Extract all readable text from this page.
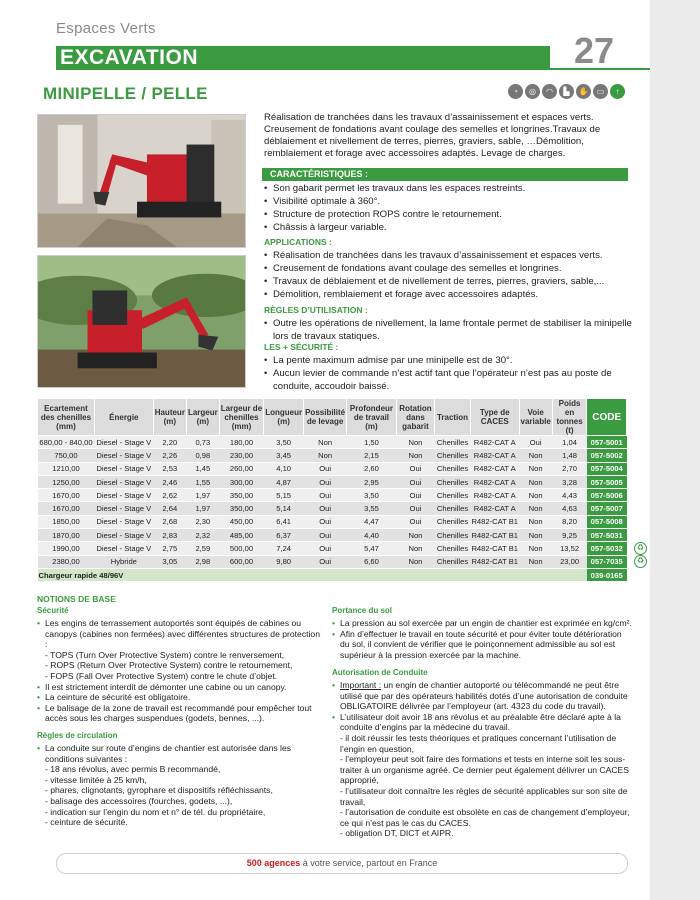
Espaces Verts
EXCAVATION	27
MINIPELLE / PELLE	◔	◎	◠	▙	✋	▭	↑
Réalisation de tranchées dans les travaux d’assainissement et espaces verts. Creusement de fondations avant coulage des semelles et longrines.Travaux de déblaiement et nivellement de terres, pierres, graviers, sable, …Démolition, remblaiement et forage avec accessoires adaptés. Levage de charges.
CARACTÉRISTIQUES :
• Son gabarit permet les travaux dans les espaces restreints.
• Visibilité optimale à 360°.
• Structure de protection ROPS contre le retournement.
• Châssis à largeur variable.
APPLICATIONS :
• Réalisation de tranchées dans les travaux d’assainissement et espaces verts.
• Creusement de fondations avant coulage des semelles et longrines.
• Travaux de déblaiement et de nivellement de terres, pierres, graviers, sable,...
• Démolition, remblaiement et forage avec accessoires adaptés.
RÈGLES D’UTILISATION :
• Outre les opérations de nivellement, la lame frontale permet de stabiliser la minipelle lors de travaux statiques.
LES + SÉCURITÉ :
• La pente maximum admise par une minipelle est de 30°.
• Aucun levier de commande n’est actif tant que l’opérateur n’est pas au poste de conduite, accoudoir baissé.
Ecartement des chenilles (mm)	Énergie	Hauteur (m)	Largeur (m)	Largeur de chenilles (mm)	Longueur (m)	Possibilité de levage	Profondeur de travail (m)	Rotation dans gabarit	Traction	Type de CACES	Voie variable	Poids en tonnes (t)	CODE
680,00 - 840,00	Diesel - Stage V	2,20	0,73	180,00	3,50	Non	1,50	Non	Chenilles	R482-CAT A	Oui	1,04	057-5001
750,00	Diesel - Stage V	2,26	0,98	230,00	3,45	Non	2,15	Non	Chenilles	R482-CAT A	Non	1,48	057-5002
1210,00	Diesel - Stage V	2,53	1,45	260,00	4,10	Oui	2,60	Oui	Chenilles	R482-CAT A	Non	2,70	057-5004
1250,00	Diesel - Stage V	2,46	1,55	300,00	4,87	Oui	2,95	Oui	Chenilles	R482-CAT A	Non	3,28	057-5005
1670,00	Diesel - Stage V	2,62	1,97	350,00	5,15	Oui	3,50	Oui	Chenilles	R482-CAT A	Non	4,43	057-5006
1670,00	Diesel - Stage V	2,64	1,97	350,00	5,14	Oui	3,55	Oui	Chenilles	R482-CAT A	Non	4,63	057-5007
1850,00	Diesel - Stage V	2,68	2,30	450,00	6,41	Oui	4,47	Oui	Chenilles	R482-CAT B1	Non	8,20	057-5008
1870,00	Diesel - Stage V	2,83	2,32	485,00	6,37	Oui	4,40	Non	Chenilles	R482-CAT B1	Non	9,25	057-5031
1990,00	Diesel - Stage V	2,75	2,59	500,00	7,24	Oui	5,47	Non	Chenilles	R482-CAT B1	Non	13,52	057-5032
2380,00	Hybride	3,05	2,98	600,00	9,80	Oui	6,60	Non	Chenilles	R482-CAT B1	Non	23,00	057-7035
Chargeur rapide 48/96V													039-0165
♻
♻
NOTIONS DE BASE
Sécurité
• Les engins de terrassement autoportés sont équipés de cabines ou canopys (cabines non fermées) avec différentes structures de protection :
- TOPS (Turn Over Protective System) contre le renversement,
- ROPS (Return Over Protective System) contre le retournement,
- FOPS (Fall Over Protective System) contre le chute d’objet.
• Il est strictement interdit de démonter une cabine ou un canopy.
• La ceinture de sécurité est obligatoire.
• Le balisage de la zone de travail est recommandé pour empêcher tout accès sous les charges suspendues (godets, bennes, ...).
Règles de circulation
• La conduite sur route d’engins de chantier est autorisée dans les conditions suivantes :
- 18 ans révolus, avec permis B recommandé,
- vitesse limitée à 25 km/h,
- phares, clignotants, gyrophare et dispositifs réfléchissants,
- balisage des accessoires (fourches, godets, ...),
- indication sur l’engin du nom et n° de tél. du propriétaire,
- ceinture de sécurité.
Portance du sol
• La pression au sol exercée par un engin de chantier est exprimée en kg/cm².
• Afin d’effectuer le travail en toute sécurité et pour éviter toute détérioration du sol, il convient de vérifier que le poinçonnement admissible au sol est supérieur à la pression exercée par la machine.
Autorisation de Conduite
• Important : un engin de chantier autoporté ou télécommandé ne peut être utilisé que par des opérateurs habilités dotés d’une autorisation de conduite OBLIGATOIRE délivrée par l’employeur (art. 4323 du code du travail).
• L’utilisateur doit avoir 18 ans révolus et au préalable être déclaré apte à la conduite d’engins par la médecine du travail.
- il doit réussir les tests théoriques et pratiques concernant l’utilisation de l’engin en question,
- l’employeur peut soit faire des formations et tests en interne soit les sous-traiter à un organisme agréé. Ce dernier peut également délivrer un CACES approprié,
- l’utilisateur doit connaître les règles de sécurité applicables sur son site de travail,
- l’autorisation de conduite est obsolète en cas de changement d’employeur, ce qui n’est pas le cas du CACES.
- obligation DT, DICT et AIPR.
500 agences à votre service, partout en France
